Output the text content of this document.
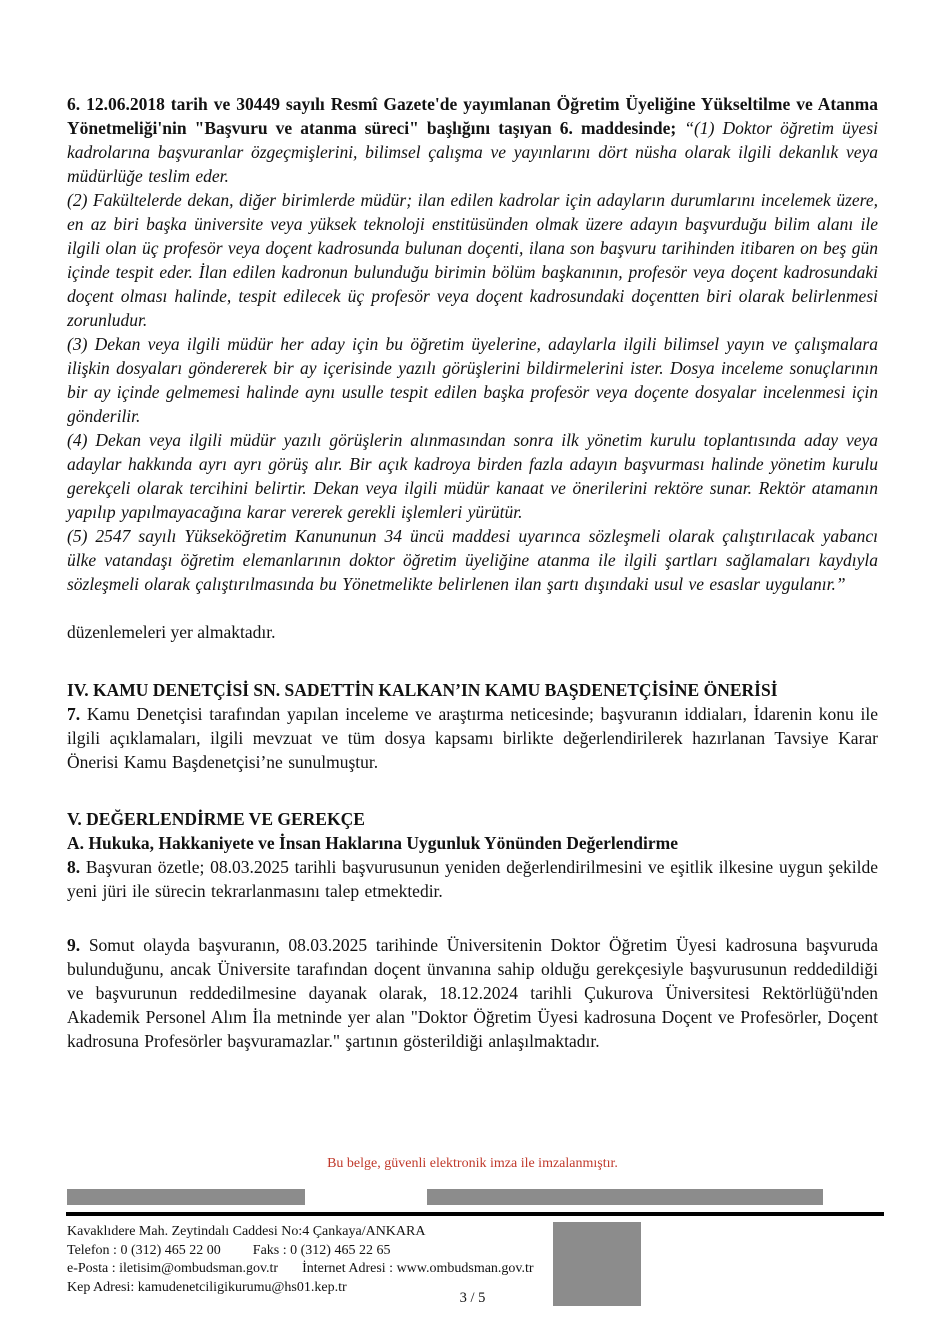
6. 12.06.2018 tarih ve 30449 sayılı Resmî Gazete'de yayımlanan Öğretim Üyeliğine Yükseltilme ve Atanma Yönetmeliği'nin "Başvuru ve atanma süreci" başlığını taşıyan 6. maddesinde; “(1) Doktor öğretim üyesi kadrolarına başvuranlar özgeçmişlerini, bilimsel çalışma ve yayınlarını dört nüsha olarak ilgili dekanlık veya müdürlüğe teslim eder.

(2) Fakültelerde dekan, diğer birimlerde müdür; ilan edilen kadrolar için adayların durumlarını incelemek üzere, en az biri başka üniversite veya yüksek teknoloji enstitüsünden olmak üzere adayın başvurduğu bilim alanı ile ilgili olan üç profesör veya doçent kadrosunda bulunan doçenti, ilana son başvuru tarihinden itibaren on beş gün içinde tespit eder. İlan edilen kadronun bulunduğu birimin bölüm başkanının, profesör veya doçent kadrosundaki doçent olması halinde, tespit edilecek üç profesör veya doçent kadrosundaki doçentten biri olarak belirlenmesi zorunludur.

(3) Dekan veya ilgili müdür her aday için bu öğretim üyelerine, adaylarla ilgili bilimsel yayın ve çalışmalara ilişkin dosyaları göndererek bir ay içerisinde yazılı görüşlerini bildirmelerini ister. Dosya inceleme sonuçlarının bir ay içinde gelmemesi halinde aynı usulle tespit edilen başka profesör veya doçente dosyalar incelenmesi için gönderilir.

(4) Dekan veya ilgili müdür yazılı görüşlerin alınmasından sonra ilk yönetim kurulu toplantısında aday veya adaylar hakkında ayrı ayrı görüş alır. Bir açık kadroya birden fazla adayın başvurması halinde yönetim kurulu gerekçeli olarak tercihini belirtir. Dekan veya ilgili müdür kanaat ve önerilerini rektöre sunar. Rektör atamanın yapılıp yapılmayacağına karar vererek gerekli işlemleri yürütür.

(5) 2547 sayılı Yükseköğretim Kanununun 34 üncü maddesi uyarınca sözleşmeli olarak çalıştırılacak yabancı ülke vatandaşı öğretim elemanlarının doktor öğretim üyeliğine atanma ile ilgili şartları sağlamaları kaydıyla sözleşmeli olarak çalıştırılmasında bu Yönetmelikte belirlenen ilan şartı dışındaki usul ve esaslar uygulanır.”

düzenlemeleri yer almaktadır.

IV. KAMU DENETÇİSİ SN. SADETTİN KALKAN’IN KAMU BAŞDENETÇİSİNE ÖNERİSİ

7. Kamu Denetçisi tarafından yapılan inceleme ve araştırma neticesinde; başvuranın iddiaları, İdarenin konu ile ilgili açıklamaları, ilgili mevzuat ve tüm dosya kapsamı birlikte değerlendirilerek hazırlanan Tavsiye Karar Önerisi Kamu Başdenetçisi’ne sunulmuştur.

V. DEĞERLENDİRME VE GEREKÇE
A. Hukuka, Hakkaniyete ve İnsan Haklarına Uygunluk Yönünden Değerlendirme

8. Başvuran özetle; 08.03.2025 tarihli başvurusunun yeniden değerlendirilmesini ve eşitlik ilkesine uygun şekilde yeni jüri ile sürecin tekrarlanmasını talep etmektedir.

9. Somut olayda başvuranın, 08.03.2025 tarihinde Üniversitenin Doktor Öğretim Üyesi kadrosuna başvuruda bulunduğunu, ancak Üniversite tarafından doçent ünvanına sahip olduğu gerekçesiyle başvurusunun reddedildiği ve başvurunun reddedilmesine dayanak olarak, 18.12.2024 tarihli Çukurova Üniversitesi Rektörlüğü'nden Akademik Personel Alım İla metninde yer alan "Doktor Öğretim Üyesi kadrosuna Doçent ve Profesörler, Doçent kadrosuna Profesörler başvuramazlar." şartının gösterildiği anlaşılmaktadır.

Bu belge, güvenli elektronik imza ile imzalanmıştır.
Kavaklıdere Mah. Zeytindalı Caddesi No:4 Çankaya/ANKARA
Telefon : 0 (312) 465 22 00 Faks : 0 (312) 465 22 65
e-Posta : iletisim@ombudsman.gov.tr İnternet Adresi : www.ombudsman.gov.tr
Kep Adresi: kamudenetciligikurumu@hs01.kep.tr
3 / 5
